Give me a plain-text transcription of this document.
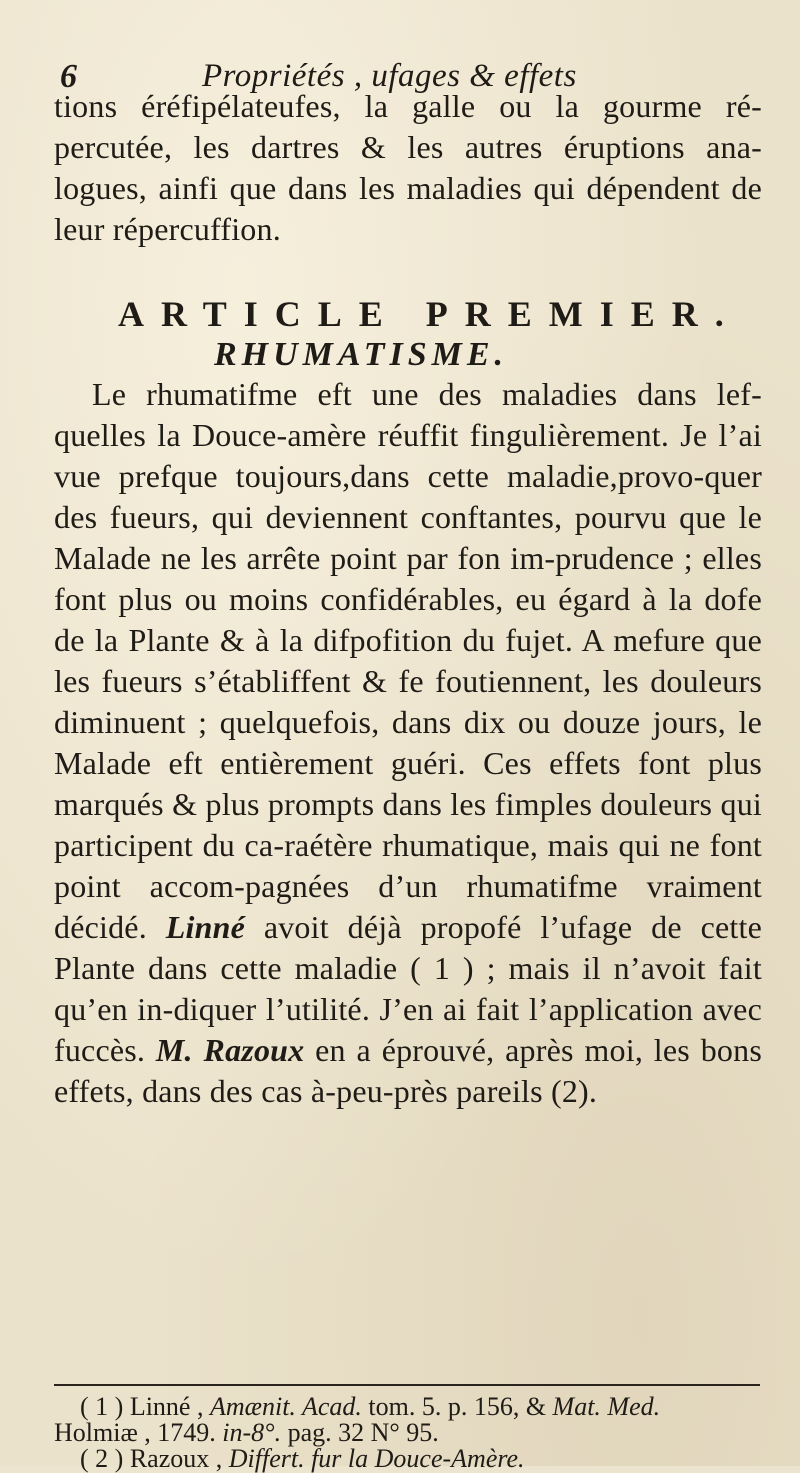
6	Propriétés , ufages & effets

tions éréfipélateufes, la galle ou la gourme ré-percutée, les dartres & les autres éruptions ana-logues, ainfi que dans les maladies qui dépendent de leur répercuffion.

ARTICLE PREMIER.
RHUMATISME.

Le rhumatifme eft une des maladies dans lef-quelles la Douce-amère réuffit fingulièrement. Je l’ai vue prefque toujours,dans cette maladie,provo-quer des fueurs, qui deviennent conftantes, pourvu que le Malade ne les arrête point par fon im-prudence ; elles font plus ou moins confidérables, eu égard à la dofe de la Plante & à la difpofition du fujet. A mefure que les fueurs s’établiffent & fe foutiennent, les douleurs diminuent ; quelquefois, dans dix ou douze jours, le Malade eft entièrement guéri. Ces effets font plus marqués & plus prompts dans les fimples douleurs qui participent du ca-raétère rhumatique, mais qui ne font point accom-pagnées d’un rhumatifme vraiment décidé. Linné avoit déjà propofé l’ufage de cette Plante dans cette maladie ( 1 ) ; mais il n’avoit fait qu’en in-diquer l’utilité. J’en ai fait l’application avec fuccès. M. Razoux en a éprouvé, après moi, les bons effets, dans des cas à-peu-près pareils (2).

( 1 ) Linné , Amænit. Acad. tom. 5. p. 156, & Mat. Med.
Holmiæ , 1749. in-8°. pag. 32 N° 95.
( 2 ) Razoux , Differt. fur la Douce-Amère.
